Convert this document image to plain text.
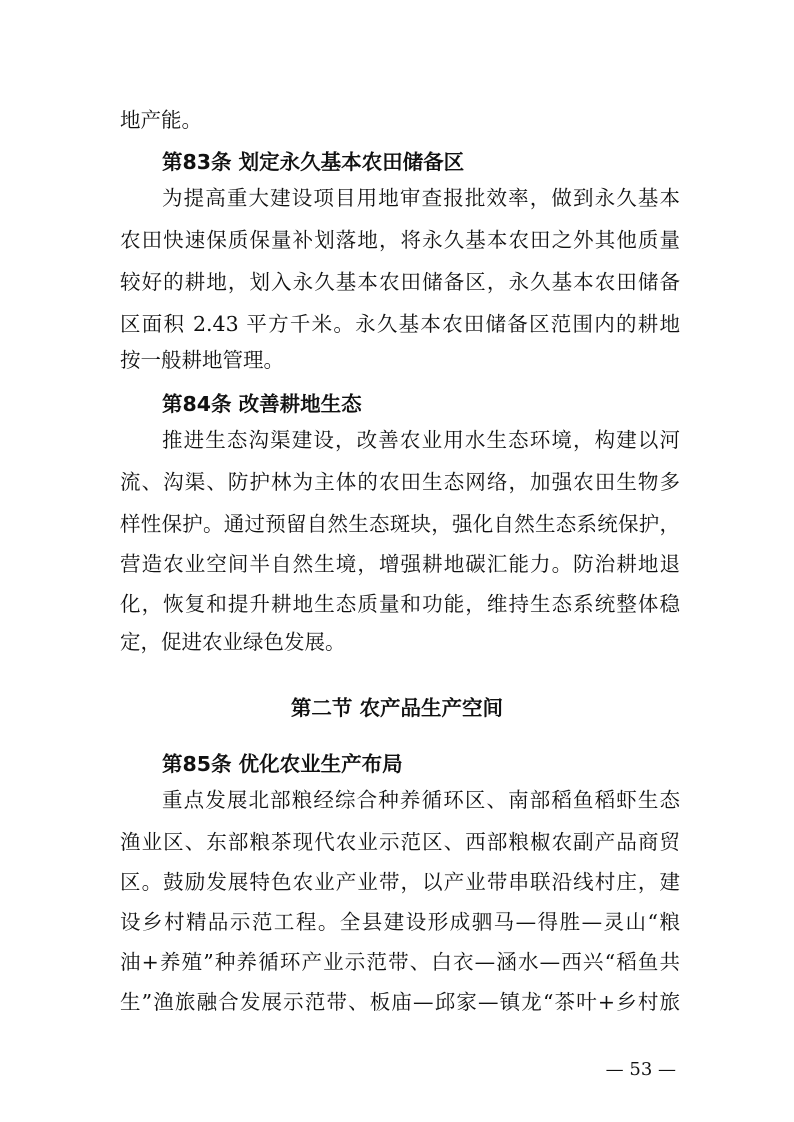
地产能。
第83条 划定永久基本农田储备区
为提高重大建设项目用地审查报批效率，做到永久基本
农田快速保质保量补划落地，将永久基本农田之外其他质量
较好的耕地，划入永久基本农田储备区，永久基本农田储备
区面积 2.43 平方千米。永久基本农田储备区范围内的耕地
按一般耕地管理。
第84条 改善耕地生态
推进生态沟渠建设，改善农业用水生态环境，构建以河
流、沟渠、防护林为主体的农田生态网络，加强农田生物多
样性保护。通过预留自然生态斑块，强化自然生态系统保护，
营造农业空间半自然生境，增强耕地碳汇能力。防治耕地退
化，恢复和提升耕地生态质量和功能，维持生态系统整体稳
定，促进农业绿色发展。
第二节 农产品生产空间
第85条 优化农业生产布局
重点发展北部粮经综合种养循环区、南部稻鱼稻虾生态
渔业区、东部粮茶现代农业示范区、西部粮椒农副产品商贸
区。鼓励发展特色农业产业带，以产业带串联沿线村庄，建
设乡村精品示范工程。全县建设形成驷马—得胜—灵山“粮
油+养殖”种养循环产业示范带、白衣—涵水—西兴“稻鱼共
生”渔旅融合发展示范带、板庙—邱家—镇龙“茶叶+乡村旅
— 53 —
